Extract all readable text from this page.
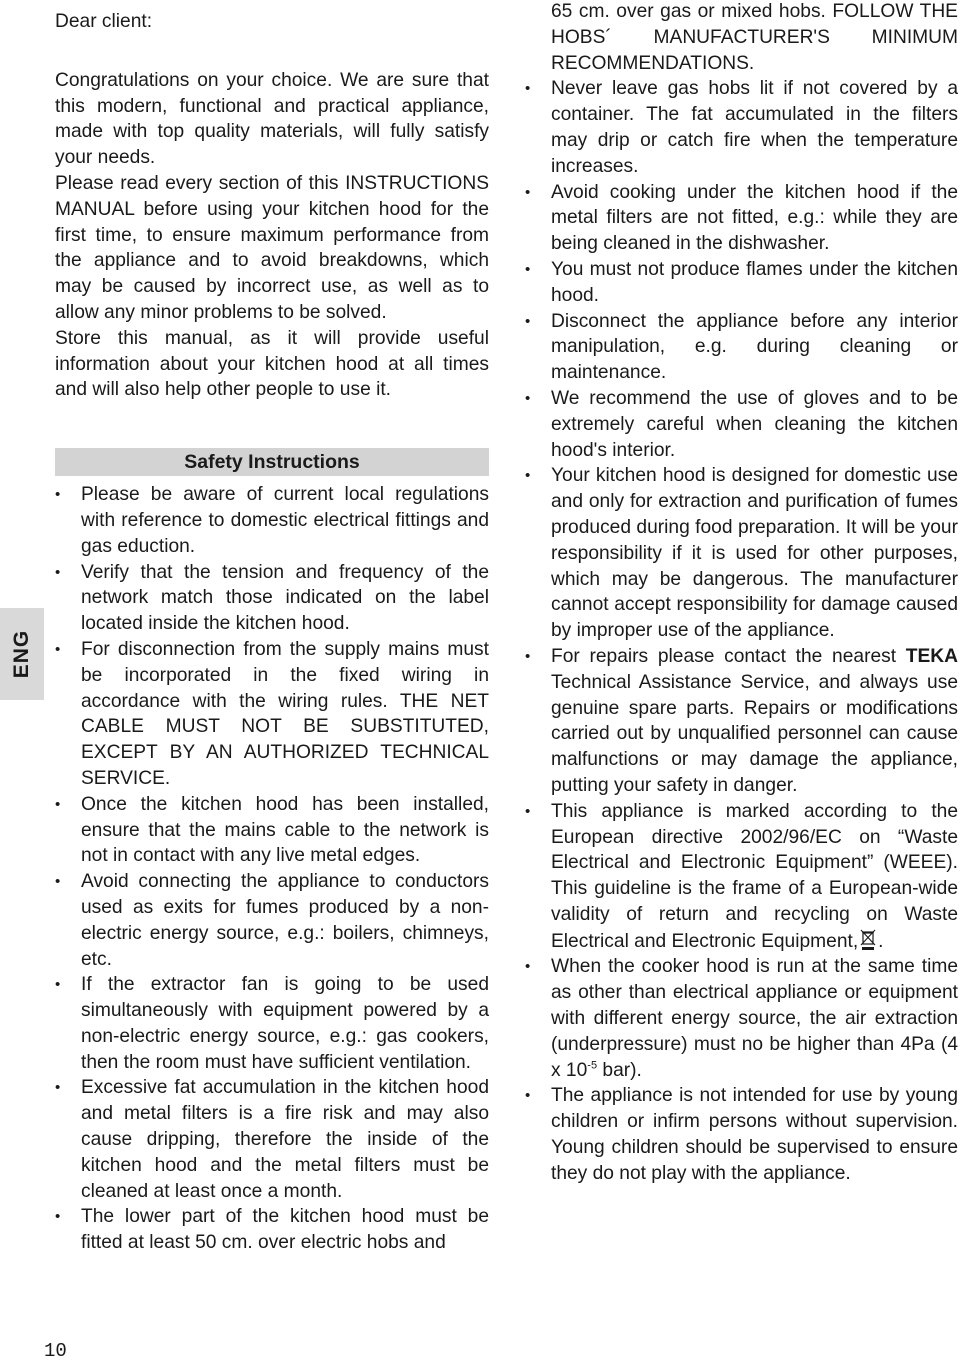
ENG
10

Dear client:

Congratulations on your choice. We are sure that this modern, functional and practical appliance, made with top quality materials, will fully satisfy your needs.

Please read every section of this INSTRUCTIONS MANUAL before using your kitchen hood for the first time, to ensure maximum performance from the appliance and to avoid breakdowns, which may be caused by incorrect use, as well as to allow any minor problems to be solved.

Store this manual, as it will provide useful information about your kitchen hood at all times and will also help other people to use it.

Safety Instructions
• Please be aware of current local regulations with reference to domestic electrical fittings and gas eduction.
• Verify that the tension and frequency of the network match those indicated on the label located inside the kitchen hood.
• For disconnection from the supply mains must be incorporated in the fixed wiring in accordance with the wiring rules. THE NET CABLE MUST NOT BE SUBSTITUTED, EXCEPT BY AN AUTHORIZED TECHNICAL SERVICE.
• Once the kitchen hood has been installed, ensure that the mains cable to the network is not in contact with any live metal edges.
• Avoid connecting the appliance to conductors used as exits for fumes produced by a non-electric energy source, e.g.: boilers, chimneys, etc.
• If the extractor fan is going to be used simultaneously with equipment powered by a non-electric energy source, e.g.: gas cookers, then the room must have sufficient ventilation.
• Excessive fat accumulation in the kitchen hood and metal filters is a fire risk and may also cause dripping, therefore the inside of the kitchen hood and the metal filters must be cleaned at least once a month.
• The lower part of the kitchen hood must be fitted at least 50 cm. over electric hobs and

65 cm. over gas or mixed hobs. FOLLOW THE HOBS´ MANUFACTURER'S MINIMUM RECOMMENDATIONS.

• Never leave gas hobs lit if not covered by a container. The fat accumulated in the filters may drip or catch fire when the temperature increases.
• Avoid cooking under the kitchen hood if the metal filters are not fitted, e.g.: while they are being cleaned in the dishwasher.
• You must not produce flames under the kitchen hood.
• Disconnect the appliance before any interior manipulation, e.g. during cleaning or maintenance.
• We recommend the use of gloves and to be extremely careful when cleaning the kitchen hood's interior.
• Your kitchen hood is designed for domestic use and only for extraction and purification of fumes produced during food preparation. It will be your responsibility if it is used for other purposes, which may be dangerous. The manufacturer cannot accept responsibility for damage caused by improper use of the appliance.
• For repairs please contact the nearest TEKA Technical Assistance Service, and always use genuine spare parts. Repairs or modifications carried out by unqualified personnel can cause malfunctions or may damage the appliance, putting your safety in danger.
• This appliance is marked according to the European directive 2002/96/EC on “Waste Electrical and Electronic Equipment” (WEEE). This guideline is the frame of a European-wide validity of return and recycling on Waste Electrical and Electronic Equipment, .
• When the cooker hood is run at the same time as other than electrical appliance or equipment with different energy source, the air extraction (underpressure) must no be higher than 4Pa (4 x $10^{-5}$ bar).
• The appliance is not intended for use by young children or infirm persons without supervision. Young children should be supervised to ensure they do not play with the appliance.
